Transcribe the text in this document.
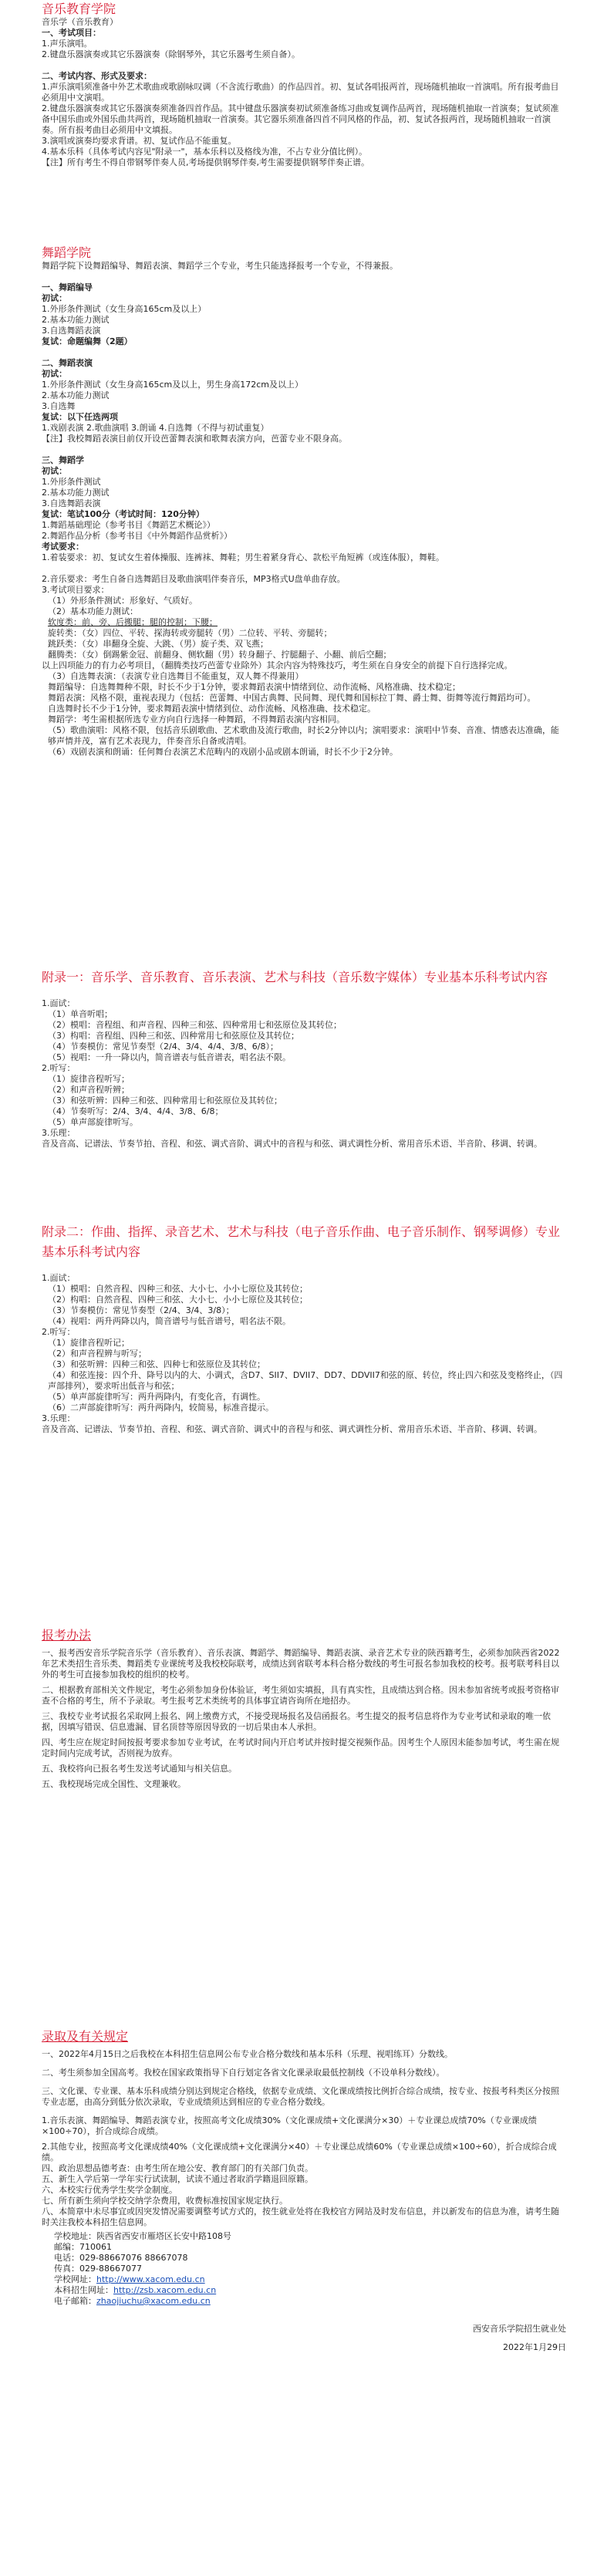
音乐教育学院
音乐学（音乐教育）
一、考试项目：
1.声乐演唱。
2.键盘乐器演奏或其它乐器演奏（除钢琴外，其它乐器考生须自备）。
二、考试内容、形式及要求：
1.声乐演唱须准备中外艺术歌曲或歌剧咏叹调（不含流行歌曲）的作品四首。初、复试各唱报两首，现场随机抽取一首演唱。所有报考曲目必须用中文演唱。
2.键盘乐器演奏或其它乐器演奏须准备四首作品。其中键盘乐器演奏初试须准备练习曲或复调作品两首，现场随机抽取一首演奏；复试须准备中国乐曲或外国乐曲共两首，现场随机抽取一首演奏。其它器乐须准备四首不同风格的作品，初、复试各报两首，现场随机抽取一首演奏。所有报考曲目必须用中文填报。
3.演唱或演奏均要求背谱。初、复试作品不能重复。
4.基本乐科（具体考试内容见"附录一"，基本乐科以及格线为准，不占专业分值比例）。
【注】所有考生不得自带钢琴伴奏人员,考场提供钢琴伴奏,考生需要提供钢琴伴奏正谱。
舞蹈学院
舞蹈学院下设舞蹈编导、舞蹈表演、舞蹈学三个专业，考生只能选择报考一个专业，不得兼报。
一、舞蹈编导
初试：
1.外形条件测试（女生身高165cm及以上）
2.基本功能力测试
3.自选舞蹈表演
复试：命题编舞（2题）
二、舞蹈表演
初试：
1.外形条件测试（女生身高165cm及以上，男生身高172cm及以上）
2.基本功能力测试
3.自选舞
复试：以下任选两项
1.戏剧表演 2.歌曲演唱 3.朗诵 4.自选舞（不得与初试重复）
【注】我校舞蹈表演目前仅开设芭蕾舞表演和歌舞表演方向，芭蕾专业不限身高。
三、舞蹈学
初试：
1.外形条件测试
2.基本功能力测试
3.自选舞蹈表演
复试：笔试100分（考试时间：120分钟）
1.舞蹈基础理论（参考书目《舞蹈艺术概论》）
2.舞蹈作品分析（参考书目《中外舞蹈作品赏析》）
考试要求：
1.着装要求：初、复试女生着体操服、连裤袜、舞鞋；男生着紧身背心、款松平角短裤（或连体服），舞鞋。
2.音乐要求：考生自备自选舞蹈目及歌曲演唱伴奏音乐，MP3格式U盘单曲存放。
3.考试项目要求：
（1）外形条件测试：形象好、气质好。
（2）基本功能力测试：
软度类：前、旁、后搬腿；腿的控制；下腰；
旋转类：（女）四位、平转、探海转或旁腿转（男）二位转、平转、旁腿转；
跳跃类：（女）串翻身全旋、大跳、（男）旋子类、双飞燕；
翻腾类：（女）倒踢紫金冠、前翻身、侧软翻（男）转身翻子、拧腿翻子、小翻、前后空翻；
以上四项能力的有力必考项目，（翻腾类技巧芭蕾专业除外）其余内容为特殊技巧，考生须在自身安全的前提下自行选择完成。
（3）自选舞表演：（表演专业自选舞目不能重复，双人舞不得兼用）
舞蹈编导：自选舞舞种不限，时长不少于1分钟，要求舞蹈表演中情绪到位、动作流畅、风格准确、技术稳定；
舞蹈表演：风格不限，重视表现力（包括：芭蕾舞、中国古典舞、民间舞、现代舞和国标拉丁舞、爵士舞、街舞等流行舞蹈均可）。
自选舞时长不少于1分钟，要求舞蹈表演中情绪到位、动作流畅、风格准确、技术稳定。
舞蹈学：考生需根据所选专业方向自行选择一种舞蹈，不得舞蹈表演内容相同。
（5）歌曲演唱：风格不限，包括音乐剧歌曲、艺术歌曲及流行歌曲，时长2分钟以内；演唱要求：演唱中节奏、音准、情感表达准确，能够声情并茂，富有艺术表现力，伴奏音乐自备或清唱。
（6）戏剧表演和朗诵：任何舞台表演艺术范畴内的戏剧小品或剧本朗诵，时长不少于2分钟。
附录一：音乐学、音乐教育、音乐表演、艺术与科技（音乐数字媒体）专业基本乐科考试内容
1.面试：
（1）单音听唱；
（2）模唱：音程组、和声音程、四种三和弦、四种常用七和弦原位及其转位；
（3）构唱：音程组、四种三和弦、四种常用七和弦原位及其转位；
（4）节奏模仿：常见节奏型（2/4、3/4、4/4、3/8、6/8）；
（5）视唱：一升一降以内，简音谱表与低音谱表，唱名法不限。
2.听写：
（1）旋律音程听写；
（2）和声音程听辨；
（3）和弦听辨：四种三和弦、四种常用七和弦原位及其转位；
（4）节奏听写：2/4、3/4、4/4、3/8、6/8；
（5）单声部旋律听写。
3.乐理：
音及音高、记谱法、节奏节拍、音程、和弦、调式音阶、调式中的音程与和弦、调式调性分析、常用音乐术语、半音阶、移调、转调。
附录二：作曲、指挥、录音艺术、艺术与科技（电子音乐作曲、电子音乐制作、钢琴调修）专业基本乐科考试内容
1.面试：
（1）模唱：自然音程、四种三和弦、大小七、小小七原位及其转位；
（2）构唱：自然音程、四种三和弦、大小七、小小七原位及其转位；
（3）节奏模仿：常见节奏型（2/4、3/4、3/8）；
（4）视唱：两升两降以内，简音谱号与低音谱号，唱名法不限。
2.听写：
（1）旋律音程听记；
（2）和声音程辨与听写；
（3）和弦听辨：四种三和弦、四种七和弦原位及其转位；
（4）和弦连接：四个升、降号以内的大、小调式，含D7、SII7、DVII7、DD7、DDVII7和弦的原、转位，终止四六和弦及变格终止，（四声部排列），要求听出低音与和弦；
（5）单声部旋律听写：两升两降内，有变化音，有调性。
（6）二声部旋律听写：两升两降内，较简易，标准音提示。
3.乐理：
音及音高、记谱法、节奏节拍、音程、和弦、调式音阶、调式中的音程与和弦、调式调性分析、常用音乐术语、半音阶、移调、转调。
报考办法
一、报考西安音乐学院音乐学（音乐教育）、音乐表演、舞蹈学、舞蹈编导、舞蹈表演、录音艺术专业的陕西籍考生，必须参加陕西省2022年艺术类招生音乐类、舞蹈类专业课统考及我校校际联考，成绩达到省联考本科合格分数线的考生可报名参加我校的校考。报考联考科目以外的考生可直接参加我校的组织的校考。
二、根据教育部相关文件规定，考生必须参加身份体验证，考生须如实填报，具有真实性，且成绩达到合格。因未参加省统考或报考资格审查不合格的考生，所不予录取。考生报考艺术类统考的具体事宜请咨询所在地招办。
三、我校专业考试报名采取网上报名、网上缴费方式，不接受现场报名及信函报名。考生提交的报考信息将作为专业考试和录取的唯一依据，因填写错误、信息遗漏、冒名顶替等原因导致的一切后果由本人承担。
四、考生应在规定时间按报考要求参加专业考试，在考试时间内开启考试并按时提交视频作品。因考生个人原因未能参加考试，考生需在规定时间内完成考试，否则视为放弃。
五、我校将向已报名考生发送考试通知与相关信息。
五、我校现场完成全国性、文理兼收。
录取及有关规定
一、2022年4月15日之后我校在本科招生信息网公布专业合格分数线和基本乐科（乐理、视唱练耳）分数线。
二、考生须参加全国高考。我校在国家政策指导下自行划定各省文化课录取最低控制线（不设单科分数线）。
三、文化课、专业课、基本乐科成绩分别达到规定合格线，依据专业成绩、文化课成绩按比例折合综合成绩，按专业、按报考科类区分按照专业志愿，由高分到低分依次录取，专业成绩须达到相应的专业合格分数线。
1.音乐表演、舞蹈编导、舞蹈表演专业，按照高考文化成绩30%（文化课成绩+文化课满分×30）＋专业课总成绩70%（专业课成绩×100÷70），折合成综合成绩。
2.其他专业，按照高考文化课成绩40%（文化课成绩+文化课满分×40）＋专业课总成绩60%（专业课总成绩×100÷60），折合成综合成绩。
四、政治思想品德考查：由考生所在地公安、教育部门的有关部门负责。
五、新生入学后第一学年实行试读制，试读不通过者取消学籍退回原籍。
六、本校实行优秀学生奖学金制度。
七、所有新生须向学校交纳学杂费用，收费标准按国家规定执行。
八、本简章中未尽事宜或因突发情况需要调整考试方式的，按生就业处将在我校官方网站及时发布信息，并以新发布的信息为准，请考生随时关注我校本科招生信息网。
学校地址：陕西省西安市雁塔区长安中路108号
邮编：710061
电话：029-88667076 88667078
传真：029-88667077
学校网址：http://www.xacom.edu.cn
本科招生网址：http://zsb.xacom.edu.cn
电子邮箱：zhaojiuchu@xacom.edu.cn
西安音乐学院招生就业处
2022年1月29日
